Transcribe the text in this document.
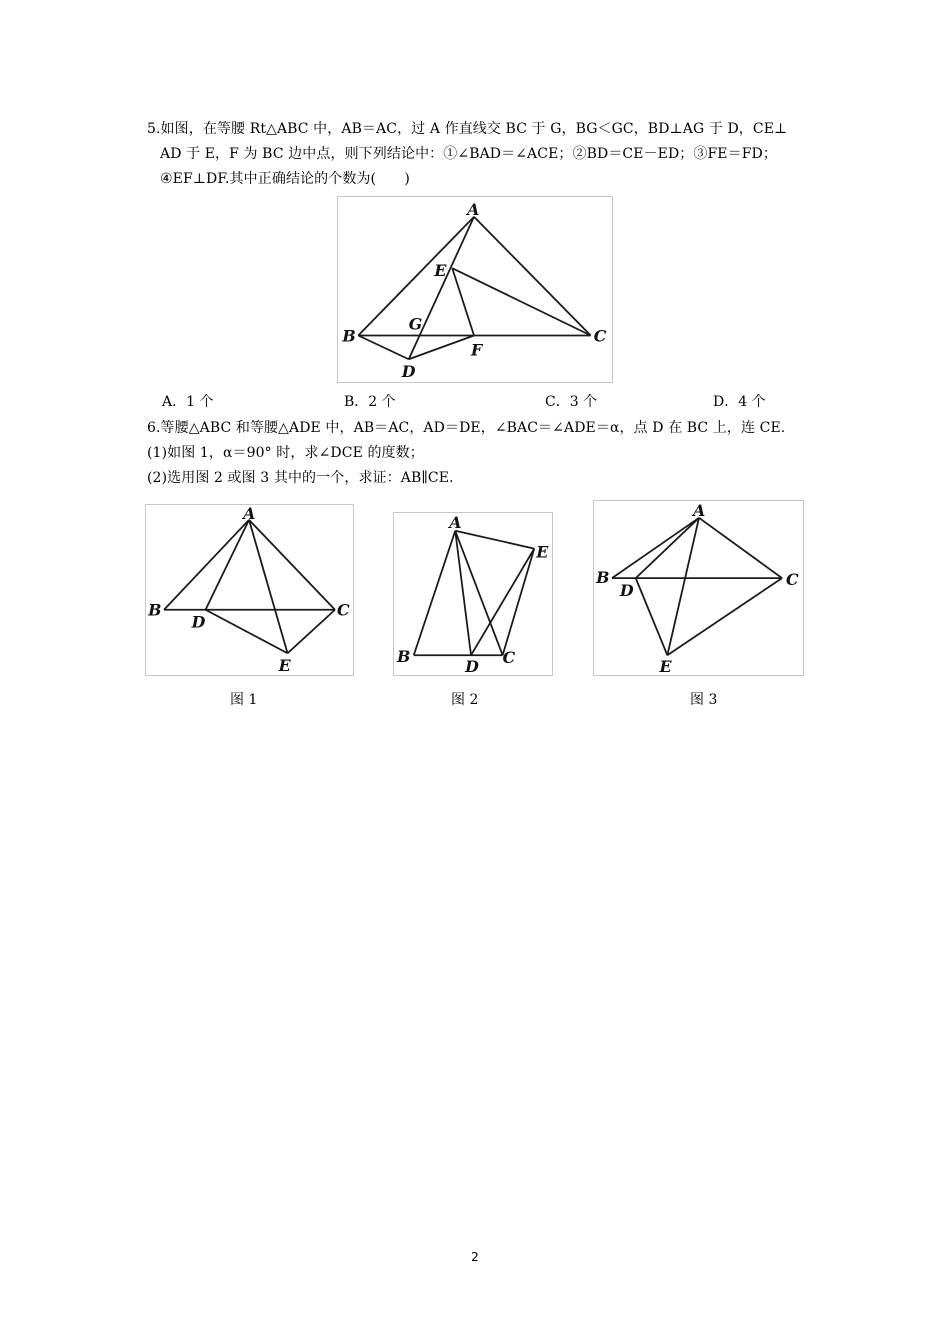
5.如图，在等腰 Rt△ABC 中，AB＝AC，过 A 作直线交 BC 于 G，BG＜GC，BD⊥AG 于 D，CE⊥
AD 于 E，F 为 BC 边中点，则下列结论中：①∠BAD＝∠ACE；②BD＝CE－ED；③FE＝FD；
④EF⊥DF.其中正确结论的个数为(　　)
A
E
G
B
F
C
D
A．1 个	B．2 个	C．3 个	D．4 个
6.等腰△ABC 和等腰△ADE 中，AB＝AC，AD＝DE，∠BAC＝∠ADE＝α，点 D 在 BC 上，连 CE.
(1)如图 1，α＝90° 时，求∠DCE 的度数；
(2)选用图 2 或图 3 其中的一个，求证：AB∥CE.
A
B	C
D
E
A
B	C
D
E
A
B	C
D
E
图 1	图 2	图 3
2
